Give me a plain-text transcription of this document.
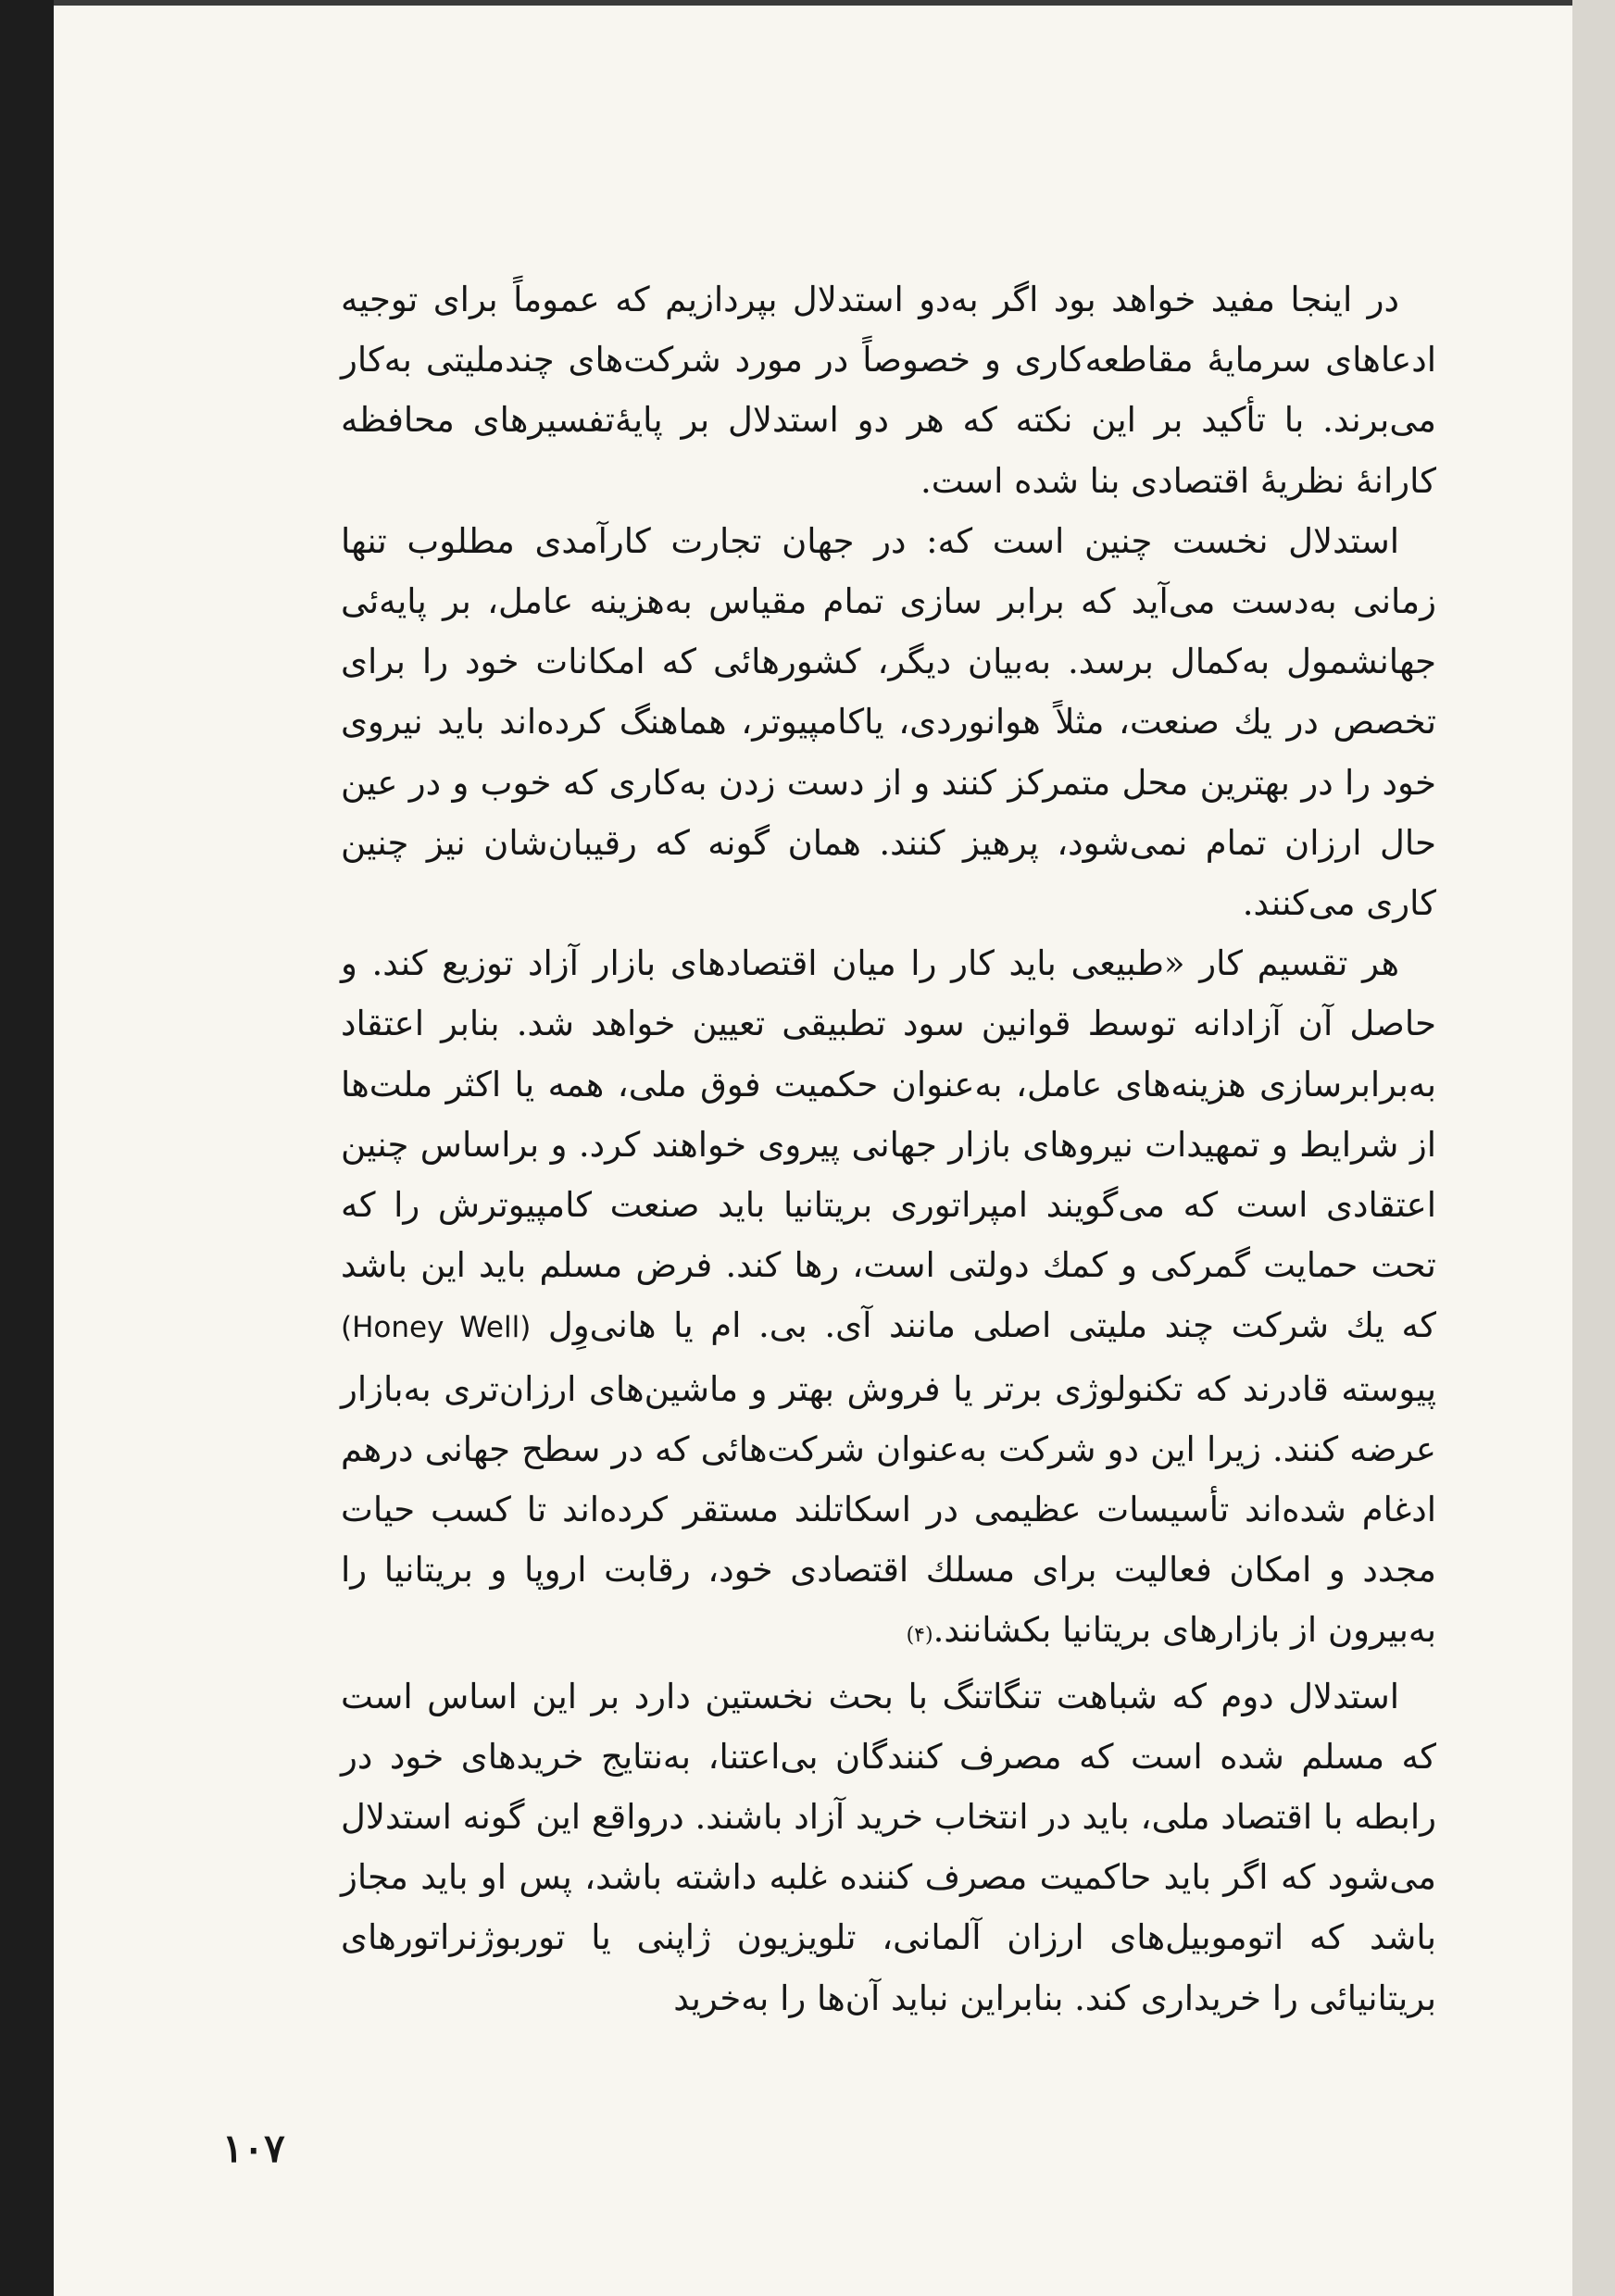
در اینجا مفید خواهد بود اگر به‌دو استدلال بپردازیم که عموماً برای توجیه ادعاهای سرمایهٔ مقاطعه‌کاری و خصوصاً در مورد شرکت‌های چندملیتی به‌کار می‌برند. با تأکید بر این نکته که هر دو استدلال بر پایهٔ‌تفسیرهای محافظه کارانهٔ نظریهٔ اقتصادی بنا شده است.

استدلال نخست چنین است که: در جهان تجارت کارآمدی مطلوب تنها زمانی به‌دست می‌آید که برابر سازی تمام مقیاس به‌هزینه عامل، بر پایه‌ئی جهانشمول به‌کمال برسد. به‌بیان دیگر، کشورهائی که امکانات خود را برای تخصص در یك صنعت، مثلاً هوانوردی، یاکامپیوتر، هماهنگ کرده‌اند باید نیروی خود را در بهترین محل متمرکز کنند و از دست زدن به‌کاری که خوب و در عین حال ارزان تمام نمی‌شود، پرهیز کنند. همان گونه که رقیبان‌شان نیز چنین کاری می‌کنند.

هر تقسیم کار «طبیعی باید کار را میان اقتصادهای بازار آزاد توزیع کند. و حاصل آن آزادانه توسط قوانین سود تطبیقی تعیین خواهد شد. بنابر اعتقاد به‌برابرسازی هزینه‌های عامل، به‌عنوان حکمیت فوق ملی، همه یا اکثر ملت‌ها از شرایط و تمهیدات نیروهای بازار جهانی پیروی خواهند کرد. و براساس چنین اعتقادی است که می‌گویند امپراتوری بریتانیا باید صنعت کامپیوترش را که تحت حمایت گمرکی و کمك دولتی است، رها کند. فرض مسلم باید این باشد که یك شرکت چند ملیتی اصلی مانند آی. بی. ام یا هانی‌وِل (Honey Well) پیوسته قادرند که تکنولوژی برتر یا فروش بهتر و ماشین‌های ارزان‌تری به‌بازار عرضه کنند. زیرا این دو شرکت به‌عنوان شرکت‌هائی که در سطح جهانی درهم ادغام شده‌اند تأسیسات عظیمی در اسکاتلند مستقر کرده‌اند تا کسب حیات مجدد و امکان فعالیت برای مسلك اقتصادی خود، رقابت اروپا و بریتانیا را به‌بیرون از بازارهای بریتانیا بکشانند.(۴)

استدلال دوم که شباهت تنگاتنگ با بحث نخستین دارد بر این اساس است که مسلم شده است که مصرف کنندگان بی‌اعتنا، به‌نتایج خریدهای خود در رابطه با اقتصاد ملی، باید در انتخاب خرید آزاد باشند. درواقع این گونه استدلال می‌شود که اگر باید حاکمیت مصرف کننده غلبه داشته باشد، پس او باید مجاز باشد که اتوموبیل‌های ارزان آلمانی، تلویزیون ژاپنی یا توربوژنراتورهای بریتانیائی را خریداری کند. بنابراین نباید آن‌ها را به‌خرید

۱۰۷
